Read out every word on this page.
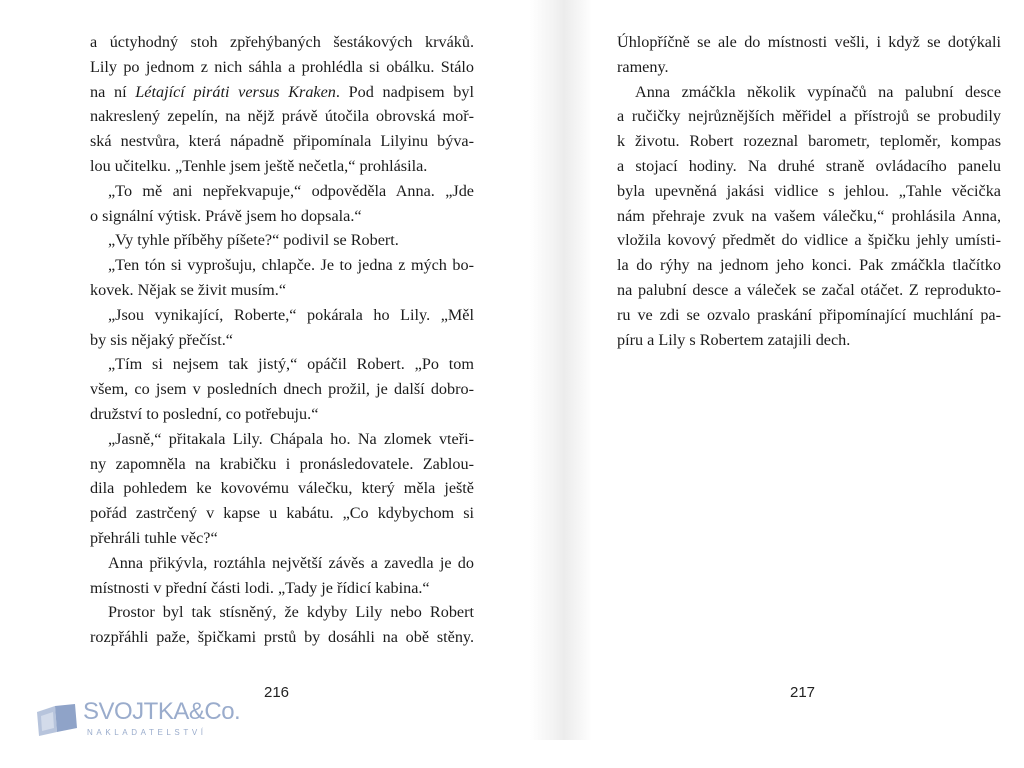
a úctyhodný stoh zpřehýbaných šestákových krváků.
Lily po jednom z nich sáhla a prohlédla si obálku. Stálo
na ní Létající piráti versus Kraken. Pod nadpisem byl
nakreslený zepelín, na nějž právě útočila obrovská moř-
ská nestvůra, která nápadně připomínala Lilyinu býva-
lou učitelku. „Tenhle jsem ještě nečetla,“ prohlásila.
„To mě ani nepřekvapuje,“ odpověděla Anna. „Jde
o signální výtisk. Právě jsem ho dopsala.“
„Vy tyhle příběhy píšete?“ podivil se Robert.
„Ten tón si vyprošuju, chlapče. Je to jedna z mých bo-
kovek. Nějak se živit musím.“
„Jsou vynikající, Roberte,“ pokárala ho Lily. „Měl
by sis nějaký přečíst.“
„Tím si nejsem tak jistý,“ opáčil Robert. „Po tom
všem, co jsem v posledních dnech prožil, je další dobro-
družství to poslední, co potřebuju.“
„Jasně,“ přitakala Lily. Chápala ho. Na zlomek vteři-
ny zapomněla na krabičku i pronásledovatele. Zablou-
dila pohledem ke kovovému válečku, který měla ještě
pořád zastrčený v kapse u kabátu. „Co kdybychom si
přehráli tuhle věc?“
Anna přikývla, roztáhla největší závěs a zavedla je do
místnosti v přední části lodi. „Tady je řídicí kabina.“
Prostor byl tak stísněný, že kdyby Lily nebo Robert
rozpřáhli paže, špičkami prstů by dosáhli na obě stěny.
216
Úhlopříčně se ale do místnosti vešli, i když se dotýkali
rameny.
Anna zmáčkla několik vypínačů na palubní desce
a ručičky nejrůznějších měřidel a přístrojů se probudily
k životu. Robert rozeznal barometr, teploměr, kompas
a stojací hodiny. Na druhé straně ovládacího panelu
byla upevněná jakási vidlice s jehlou. „Tahle věcička
nám přehraje zvuk na vašem válečku,“ prohlásila Anna,
vložila kovový předmět do vidlice a špičku jehly umísti-
la do rýhy na jednom jeho konci. Pak zmáčkla tlačítko
na palubní desce a váleček se začal otáčet. Z reprodukto-
ru ve zdi se ozvalo praskání připomínající muchlání pa-
píru a Lily s Robertem zatajili dech.
217
SVOJTKA&Co.
NAKLADATELSTVÍ
